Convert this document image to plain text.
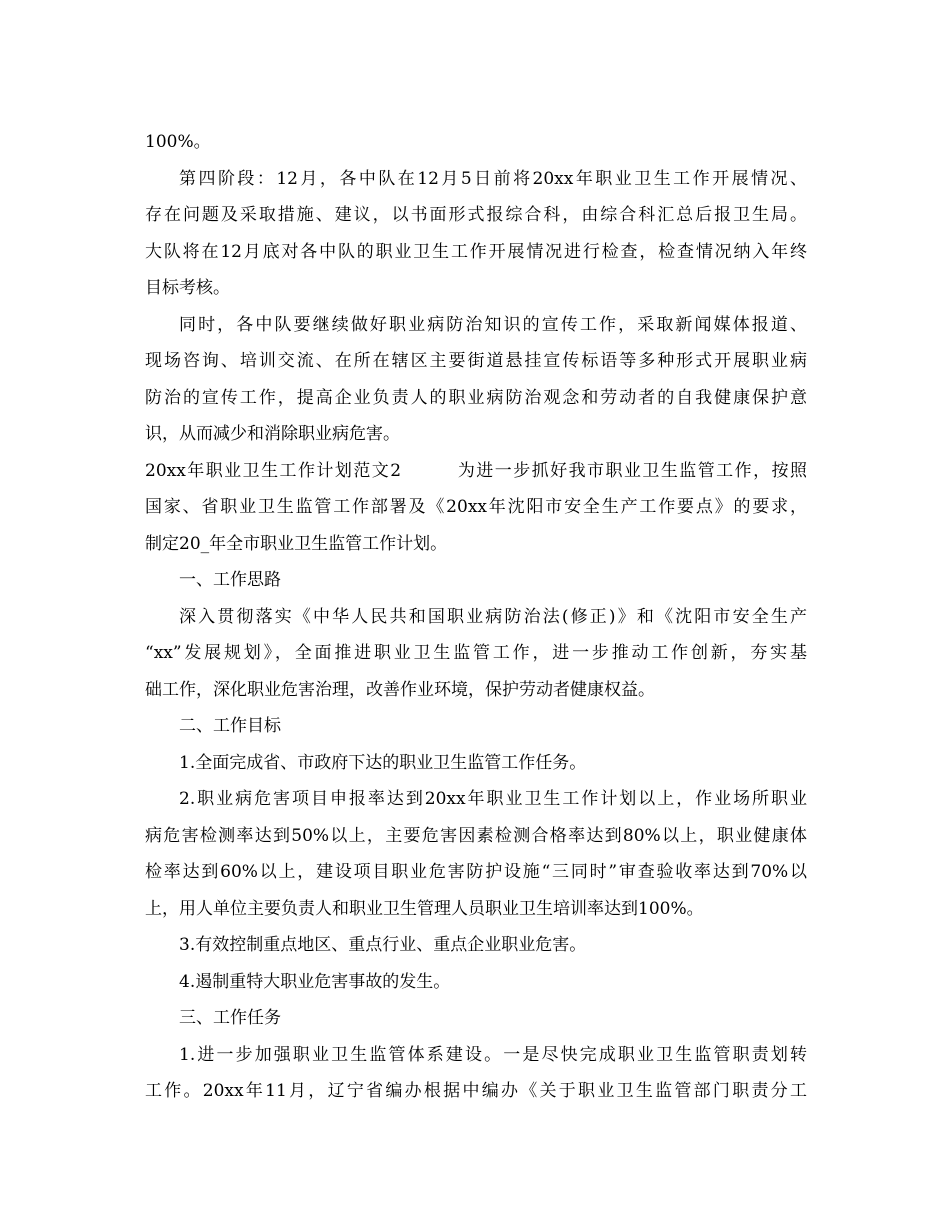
100%。
第四阶段：12月，各中队在12月5日前将20xx年职业卫生工作开展情况、
存在问题及采取措施、建议，以书面形式报综合科，由综合科汇总后报卫生局。
大队将在12月底对各中队的职业卫生工作开展情况进行检查，检查情况纳入年终
目标考核。
同时，各中队要继续做好职业病防治知识的宣传工作，采取新闻媒体报道、
现场咨询、培训交流、在所在辖区主要街道悬挂宣传标语等多种形式开展职业病
防治的宣传工作，提高企业负责人的职业病防治观念和劳动者的自我健康保护意
识，从而减少和消除职业病危害。
20xx年职业卫生工作计划范文2　　　为进一步抓好我市职业卫生监管工作，按照
国家、省职业卫生监管工作部署及《20xx年沈阳市安全生产工作要点》的要求，
制定20_年全市职业卫生监管工作计划。
一、工作思路
深入贯彻落实《中华人民共和国职业病防治法(修正)》和《沈阳市安全生产
“xx”发展规划》，全面推进职业卫生监管工作，进一步推动工作创新，夯实基
础工作，深化职业危害治理，改善作业环境，保护劳动者健康权益。
二、工作目标
1.全面完成省、市政府下达的职业卫生监管工作任务。
2.职业病危害项目申报率达到20xx年职业卫生工作计划以上，作业场所职业
病危害检测率达到50%以上，主要危害因素检测合格率达到80%以上，职业健康体
检率达到60%以上，建设项目职业危害防护设施“三同时”审查验收率达到70%以
上，用人单位主要负责人和职业卫生管理人员职业卫生培训率达到100%。
3.有效控制重点地区、重点行业、重点企业职业危害。
4.遏制重特大职业危害事故的发生。
三、工作任务
1.进一步加强职业卫生监管体系建设。一是尽快完成职业卫生监管职责划转
工作。20xx年11月，辽宁省编办根据中编办《关于职业卫生监管部门职责分工
